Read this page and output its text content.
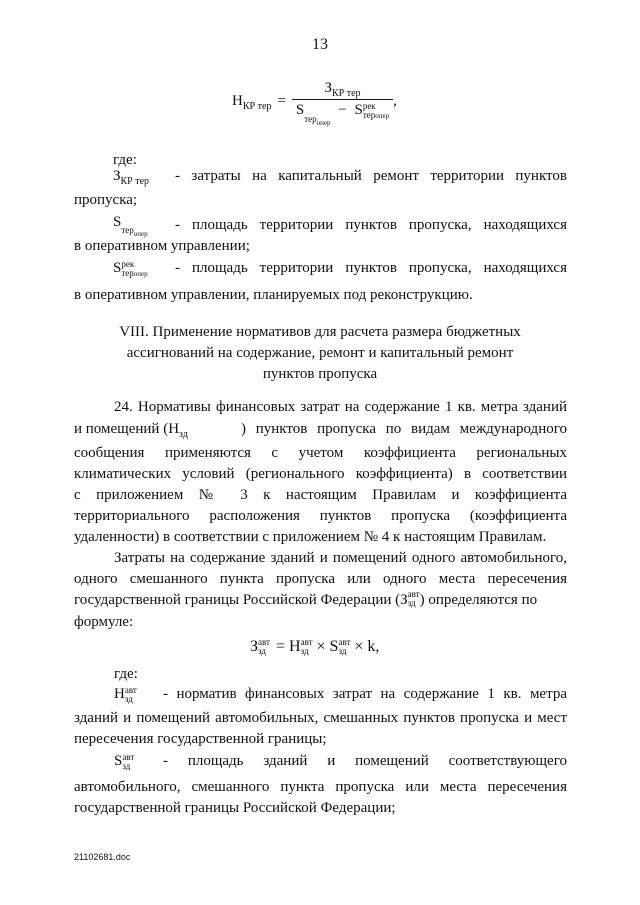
13
$Н_{КР тер} = З_{КР тер}$
Sтер$_{опер}$ − S рек
теропер ,
где:
$З_{КР тер}$ - затраты на капитальный ремонт территории пунктов
пропуска;
Sтер$_{опер}$
- площадь территории пунктов пропуска, находящихся
в оперативном управлении;
S рек
теропер - площадь территории пунктов пропуска, находящихся
в оперативном управлении, планируемых под реконструкцию.
VIII. Применение нормативов для расчета размера бюджетных
ассигнований на содержание, ремонт и капитальный ремонт
пунктов пропуска
24. Нормативы финансовых затрат на содержание 1 кв. метра зданий
и помещений ($Н_{зд}$	) пунктов пропуска по видам международного
сообщения применяются с учетом коэффициента региональных
климатических условий (регионального коэффициента) в соответствии
с приложением № 3 к настоящим Правилам и коэффициента
территориального расположения пунктов пропуска (коэффициента
удаленности) в соответствии с приложением № 4 к настоящим Правилам.
Затраты на содержание зданий и помещений одного автомобильного,
одного смешанного пункта пропуска или одного места пересечения
государственной границы Российской Федерации (З авт
зд ) определяются по
формуле:
З авт
зд = Н авт
зд × S авт
зд × k,
где:
Н авт
зд - норматив финансовых затрат на содержание 1 кв. метра
зданий и помещений автомобильных, смешанных пунктов пропуска и мест
пересечения государственной границы;
S авт
зд - площадь зданий и помещений соответствующего
автомобильного, смешанного пункта пропуска или места пересечения
государственной границы Российской Федерации;
21102681.doc
